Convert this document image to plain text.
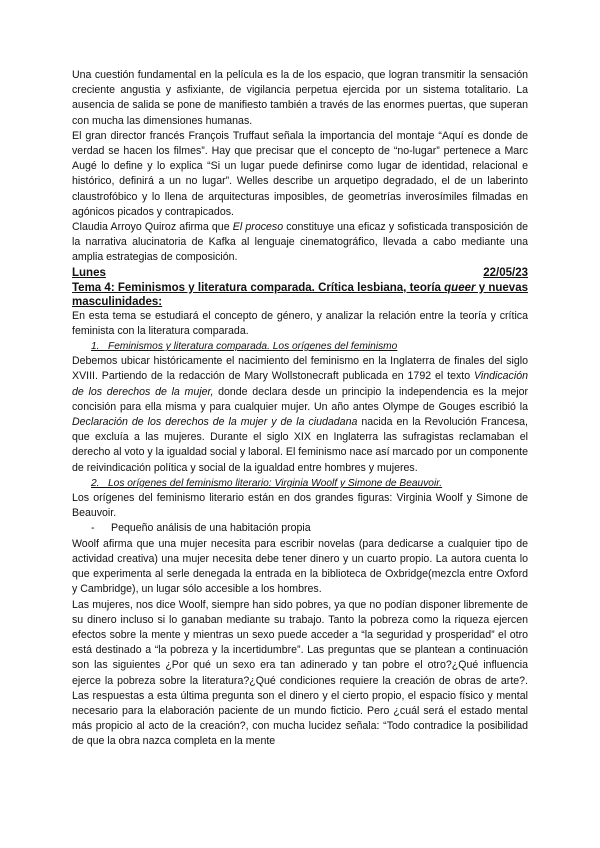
Una cuestión fundamental en la película es la de los espacio, que logran transmitir la sensación creciente angustia y asfixiante, de vigilancia perpetua ejercida por un sistema totalitario. La ausencia de salida se pone de manifiesto también a través de las enormes puertas, que superan con mucha las dimensiones humanas.

El gran director francés François Truffaut señala la importancia del montaje “Aquí es donde de verdad se hacen los filmes”. Hay que precisar que el concepto de “no-lugar” pertenece a Marc Augé lo define y lo explica “Si un lugar puede definirse como lugar de identidad, relacional e histórico, definirá a un no lugar”. Welles describe un arquetipo degradado, el de un laberinto claustrofóbico y lo llena de arquitecturas imposibles, de geometrías inverosímiles filmadas en agónicos picados y contrapicados.

Claudia Arroyo Quiroz afirma que El proceso constituye una eficaz y sofisticada transposición de la narrativa alucinatoria de Kafka al lenguaje cinematográfico, llevada a cabo mediante una amplia estrategias de composición.

Lunes	22/05/23

Tema 4: Feminismos y literatura comparada. Crítica lesbiana, teoría queer y nuevas masculinidades:

En esta tema se estudiará el concepto de género, y analizar la relación entre la teoría y crítica feminista con la literatura comparada.

1. Feminismos y literatura comparada. Los orígenes del feminismo

Debemos ubicar históricamente el nacimiento del feminismo en la Inglaterra de finales del siglo XVIII. Partiendo de la redacción de Mary Wollstonecraft publicada en 1792 el texto Vindicación de los derechos de la mujer, donde declara desde un principio la independencia es la mejor concisión para ella misma y para cualquier mujer. Un año antes Olympe de Gouges escribió la Declaración de los derechos de la mujer y de la ciudadana nacida en la Revolución Francesa, que excluía a las mujeres. Durante el siglo XIX en Inglaterra las sufragistas reclamaban el derecho al voto y la igualdad social y laboral. El feminismo nace así marcado por un componente de reivindicación política y social de la igualdad entre hombres y mujeres.

2. Los orígenes del feminismo literario: Virginia Woolf y Simone de Beauvoir.

Los orígenes del feminismo literario están en dos grandes figuras: Virginia Woolf y Simone de Beauvoir.

- Pequeño análisis de una habitación propia

Woolf afirma que una mujer necesita para escribir novelas (para dedicarse a cualquier tipo de actividad creativa) una mujer necesita debe tener dinero y un cuarto propio. La autora cuenta lo que experimenta al serle denegada la entrada en la biblioteca de Oxbridge(mezcla entre Oxford y Cambridge), un lugar sólo accesible a los hombres.

Las mujeres, nos dice Woolf, siempre han sido pobres, ya que no podían disponer libremente de su dinero incluso si lo ganaban mediante su trabajo. Tanto la pobreza como la riqueza ejercen efectos sobre la mente y mientras un sexo puede acceder a “la seguridad y prosperidad” el otro está destinado a “la pobreza y la incertidumbre”. Las preguntas que se plantean a continuación son las siguientes ¿Por qué un sexo era tan adinerado y tan pobre el otro?¿Qué influencia ejerce la pobreza sobre la literatura?¿Qué condiciones requiere la creación de obras de arte?. Las respuestas a esta última pregunta son el dinero y el cierto propio, el espacio físico y mental necesario para la elaboración paciente de un mundo ficticio. Pero ¿cuál será el estado mental más propicio al acto de la creación?, con mucha lucidez señala: “Todo contradice la posibilidad de que la obra nazca completa en la mente
